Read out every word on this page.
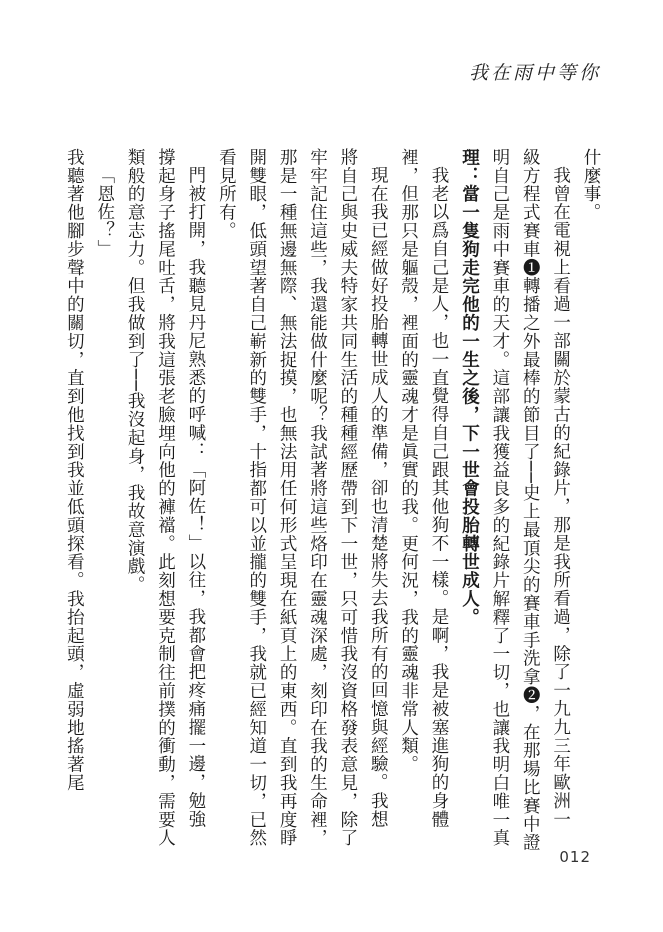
我在雨中等你
什麼事。
我曾在電視上看過一部關於蒙古的紀錄片，那是我所看過，除了一九九三年歐洲一
級方程式賽車❶轉播之外最棒的節目了──史上最頂尖的賽車手洗拿❷，在那場比賽中證
明自己是雨中賽車的天才。這部讓我獲益良多的紀錄片解釋了一切，也讓我明白唯一真
理：當一隻狗走完他的一生之後，下一世會投胎轉世成人。
我老以爲自己是人，也一直覺得自己跟其他狗不一樣。是啊，我是被塞進狗的身體
裡，但那只是軀殼，裡面的靈魂才是眞實的我。更何況，我的靈魂非常人類。
現在我已經做好投胎轉世成人的準備，卻也清楚將失去我所有的回憶與經驗。我想
將自己與史威夫特家共同生活的種種經歷帶到下一世，只可惜我沒資格發表意見，除了
牢牢記住這些，我還能做什麼呢？我試著將這些烙印在靈魂深處，刻印在我的生命裡，
那是一種無邊無際、無法捉摸，也無法用任何形式呈現在紙頁上的東西。直到我再度睜
開雙眼，低頭望著自己嶄新的雙手，十指都可以並攏的雙手，我就已經知道一切，已然
看見所有。
門被打開，我聽見丹尼熟悉的呼喊：「阿佐！」以往，我都會把疼痛擺一邊，勉強
撐起身子搖尾吐舌，將我這張老臉埋向他的褲襠。此刻想要克制往前撲的衝動，需要人
類般的意志力。但我做到了──我沒起身，我故意演戲。
「恩佐？」
我聽著他腳步聲中的關切，直到他找到我並低頭探看。我抬起頭，虛弱地搖著尾
012
